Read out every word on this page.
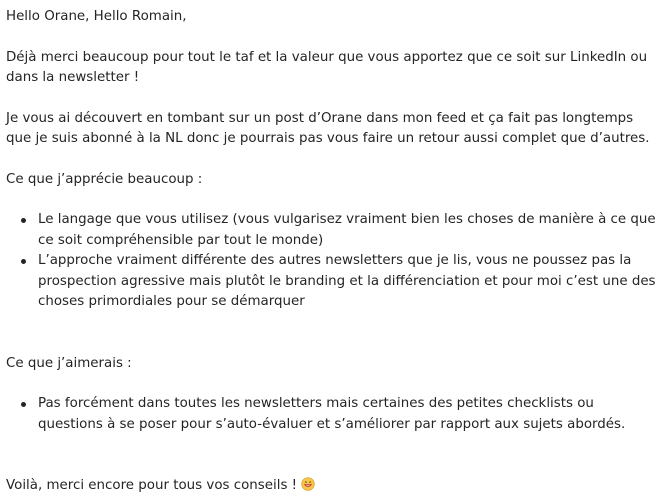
Hello Orane, Hello Romain,

Déjà merci beaucoup pour tout le taf et la valeur que vous apportez que ce soit sur LinkedIn ou dans la newsletter !

Je vous ai découvert en tombant sur un post d’Orane dans mon feed et ça fait pas longtemps que je suis abonné à la NL donc je pourrais pas vous faire un retour aussi complet que d’autres.

Ce que j’apprécie beaucoup :

Le langage que vous utilisez (vous vulgarisez vraiment bien les choses de manière à ce que ce soit compréhensible par tout le monde)
L’approche vraiment différente des autres newsletters que je lis, vous ne poussez pas la prospection agressive mais plutôt le branding et la différenciation et pour moi c’est une des choses primordiales pour se démarquer

Ce que j’aimerais :

Pas forcément dans toutes les newsletters mais certaines des petites checklists ou questions à se poser pour s’auto-évaluer et s’améliorer par rapport aux sujets abordés.

Voilà, merci encore pour tous vos conseils !
